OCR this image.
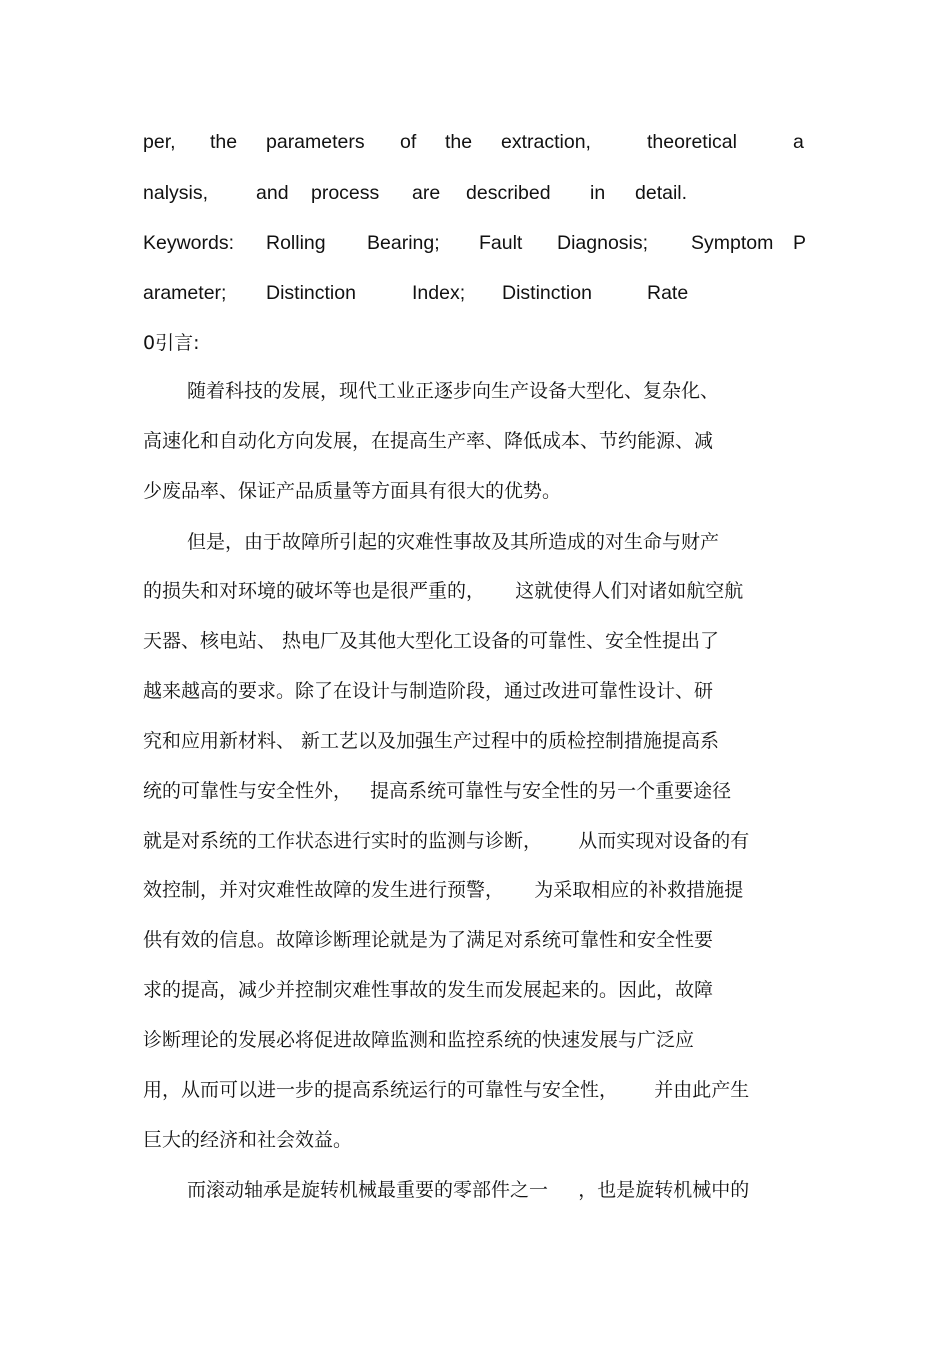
per, the parameters of the extraction,	theoretical	a
nalysis, and process are described in detail.
Keywords: Rolling Bearing; Fault Diagnosis; Symptom P
arameter; Distinction	Index; Distinction	Rate
0引言:
随着科技的发展，现代工业正逐步向生产设备大型化、复杂化、
高速化和自动化方向发展，在提高生产率、降低成本、节约能源、减
少废品率、保证产品质量等方面具有很大的优势。
但是，由于故障所引起的灾难性事故及其所造成的对生命与财产
的损失和对环境的破坏等也是很严重的，     这就使得人们对诸如航空航
天器、核电站、 热电厂及其他大型化工设备的可靠性、安全性提出了
越来越高的要求。除了在设计与制造阶段，通过改进可靠性设计、研
究和应用新材料、 新工艺以及加强生产过程中的质检控制措施提高系
统的可靠性与安全性外，   提高系统可靠性与安全性的另一个重要途径
就是对系统的工作状态进行实时的监测与诊断，      从而实现对设备的有
效控制，并对灾难性故障的发生进行预警，     为采取相应的补救措施提
供有效的信息。故障诊断理论就是为了满足对系统可靠性和安全性要
求的提高，减少并控制灾难性事故的发生而发展起来的。因此，故障
诊断理论的发展必将促进故障监测和监控系统的快速发展与广泛应
用，从而可以进一步的提高系统运行的可靠性与安全性，      并由此产生
巨大的经济和社会效益。
而滚动轴承是旋转机械最重要的零部件之一     ，也是旋转机械中的
